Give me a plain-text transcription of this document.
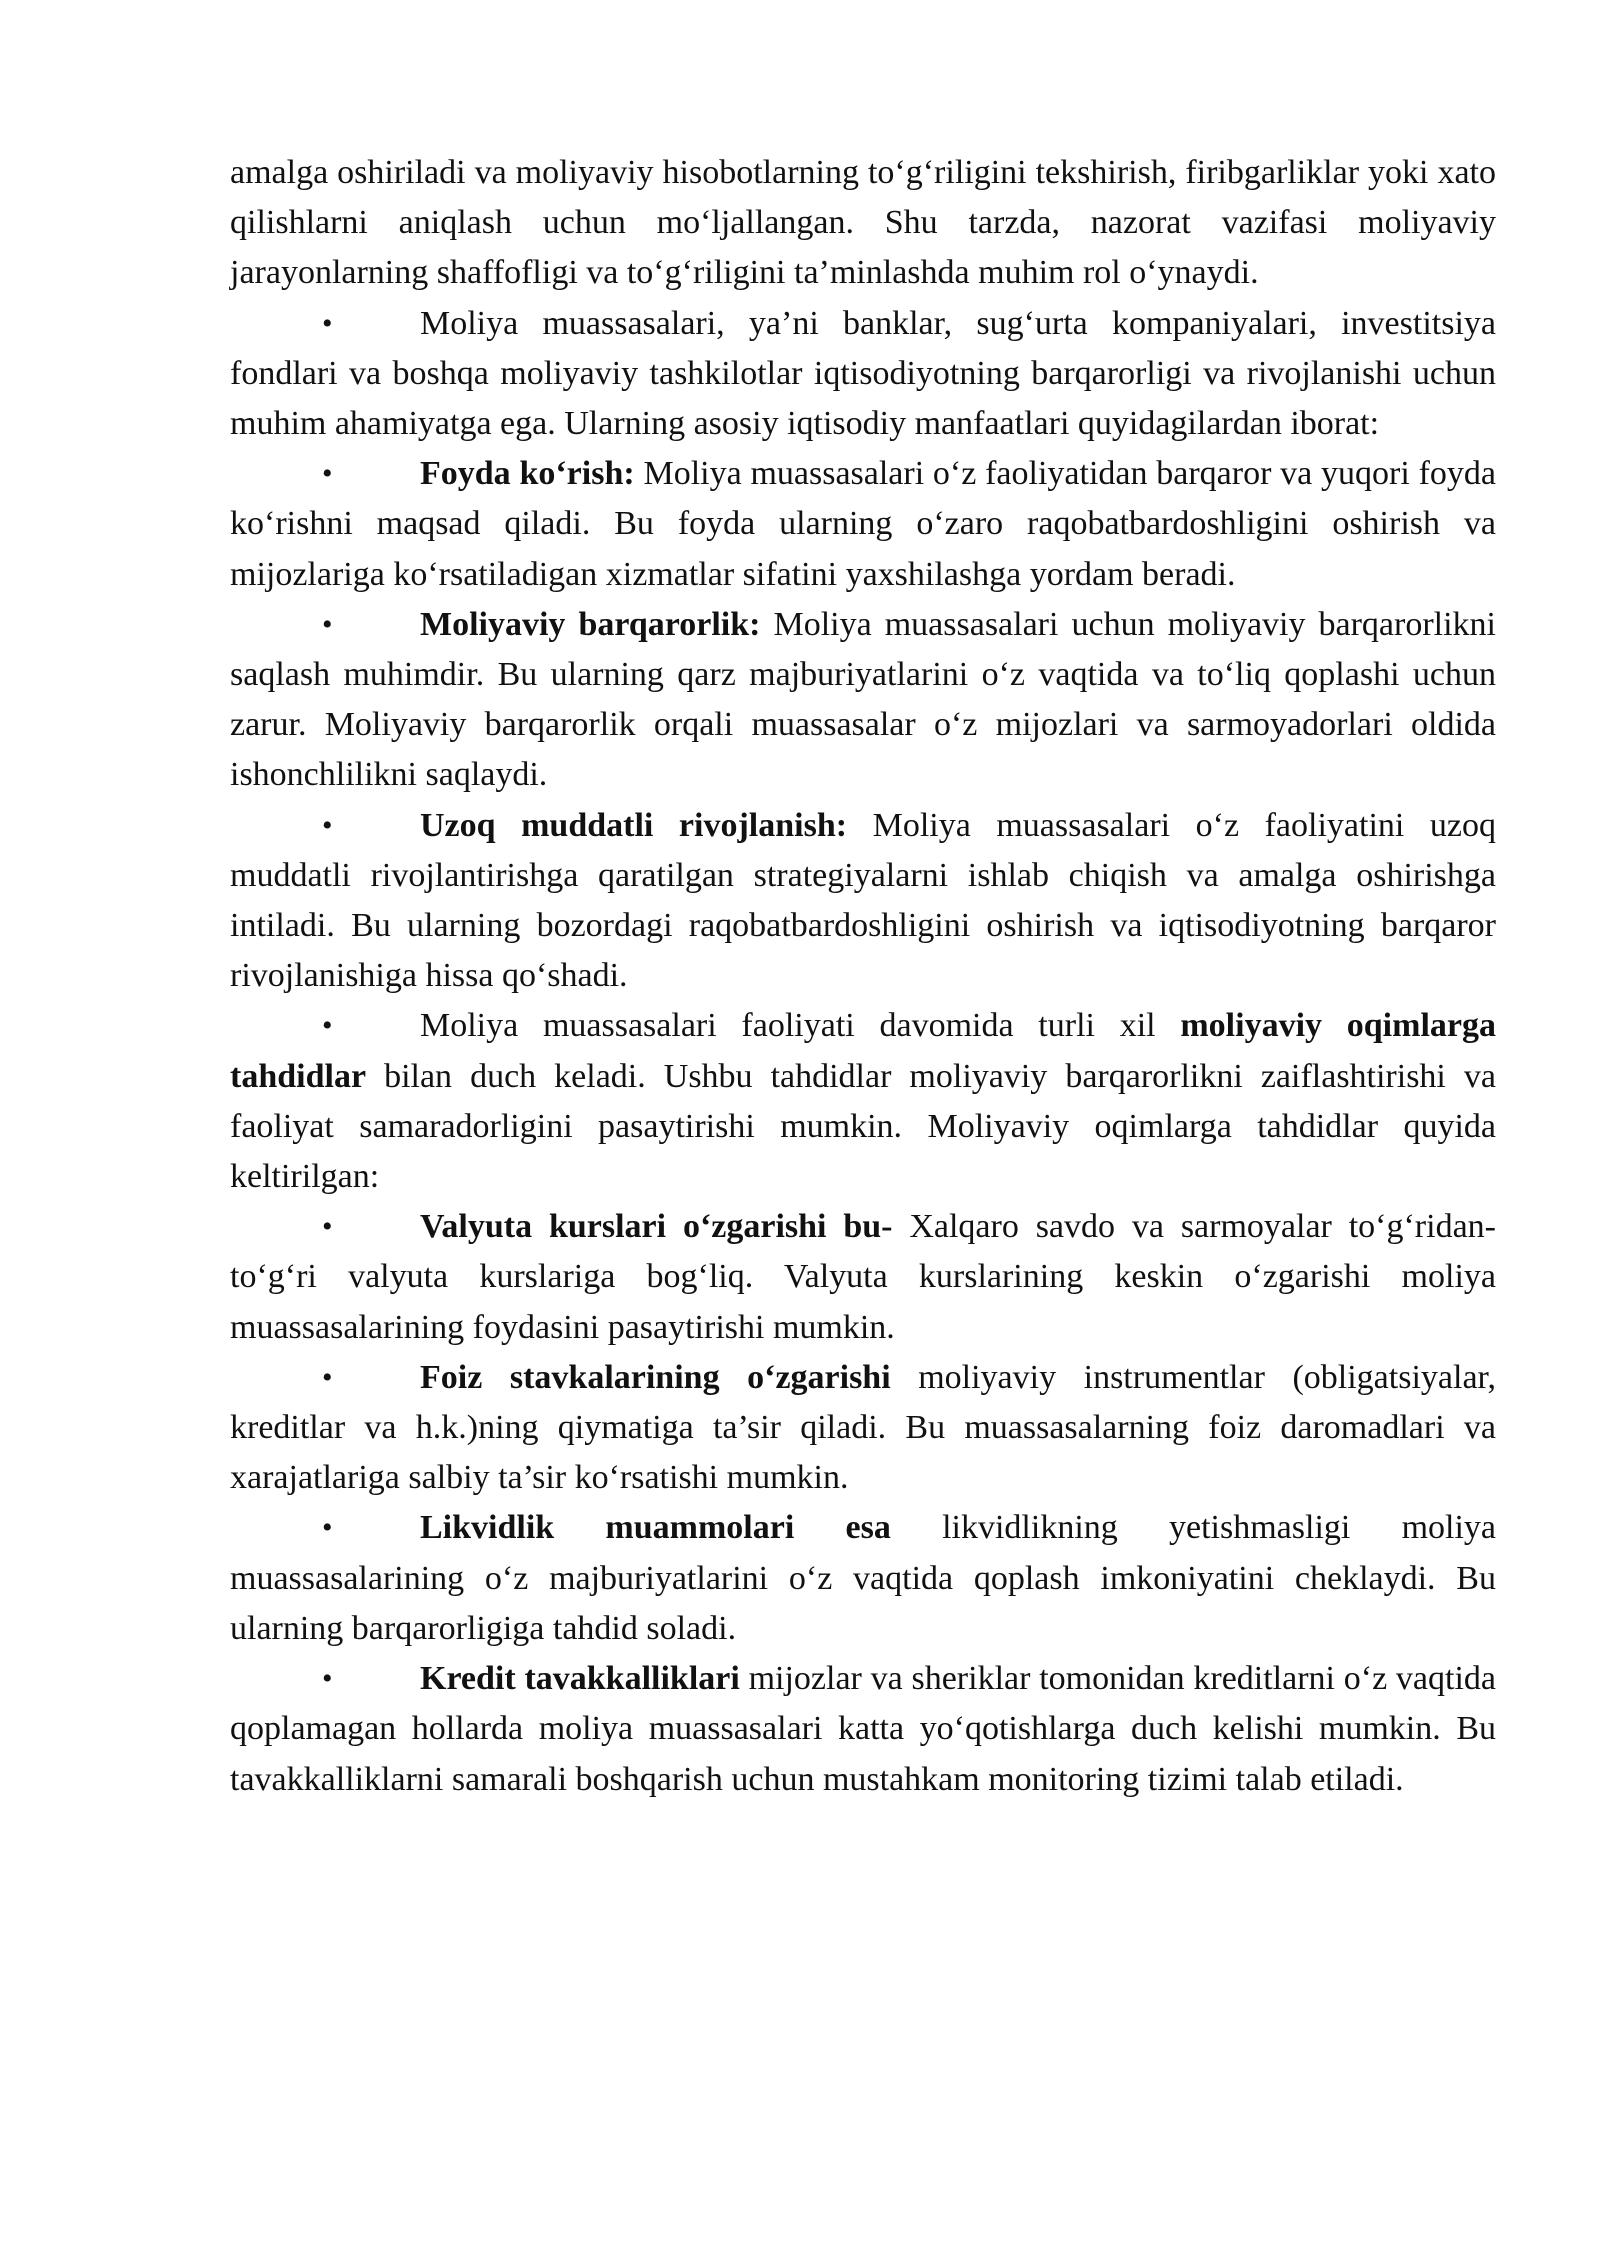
amalga oshiriladi va moliyaviy hisobotlarning to‘g‘riligini tekshirish, firibgarliklar yoki xato qilishlarni aniqlash uchun mo‘ljallangan. Shu tarzda, nazorat vazifasi moliyaviy jarayonlarning shaffofligi va to‘g‘riligini ta’minlashda muhim rol o‘ynaydi.

•	Moliya muassasalari, ya’ni banklar, sug‘urta kompaniyalari, investitsiya fondlari va boshqa moliyaviy tashkilotlar iqtisodiyotning barqarorligi va rivojlanishi uchun muhim ahamiyatga ega. Ularning asosiy iqtisodiy manfaatlari quyidagilardan iborat:

•	Foyda ko‘rish: Moliya muassasalari o‘z faoliyatidan barqaror va yuqori foyda ko‘rishni maqsad qiladi. Bu foyda ularning o‘zaro raqobatbardoshligini oshirish va mijozlariga ko‘rsatiladigan xizmatlar sifatini yaxshilashga yordam beradi.

•	Moliyaviy barqarorlik: Moliya muassasalari uchun moliyaviy barqarorlikni saqlash muhimdir. Bu ularning qarz majburiyatlarini o‘z vaqtida va to‘liq qoplashi uchun zarur. Moliyaviy barqarorlik orqali muassasalar o‘z mijozlari va sarmoyadorlari oldida ishonchlilikni saqlaydi.

•	Uzoq muddatli rivojlanish: Moliya muassasalari o‘z faoliyatini uzoq muddatli rivojlantirishga qaratilgan strategiyalarni ishlab chiqish va amalga oshirishga intiladi. Bu ularning bozordagi raqobatbardoshligini oshirish va iqtisodiyotning barqaror rivojlanishiga hissa qo‘shadi.

•	Moliya muassasalari faoliyati davomida turli xil moliyaviy oqimlarga tahdidlar bilan duch keladi. Ushbu tahdidlar moliyaviy barqarorlikni zaiflashtirishi va faoliyat samaradorligini pasaytirishi mumkin. Moliyaviy oqimlarga tahdidlar quyida keltirilgan:

•	Valyuta kurslari o‘zgarishi bu- Xalqaro savdo va sarmoyalar to‘g‘ridan-to‘g‘ri valyuta kurslariga bog‘liq. Valyuta kurslarining keskin o‘zgarishi moliya muassasalarining foydasini pasaytirishi mumkin.

•	Foiz stavkalarining o‘zgarishi moliyaviy instrumentlar (obligatsiyalar, kreditlar va h.k.)ning qiymatiga ta’sir qiladi. Bu muassasalarning foiz daromadlari va xarajatlariga salbiy ta’sir ko‘rsatishi mumkin.

•	Likvidlik muammolari esa likvidlikning yetishmasligi moliya muassasalarining o‘z majburiyatlarini o‘z vaqtida qoplash imkoniyatini cheklaydi. Bu ularning barqarorligiga tahdid soladi.

•	Kredit tavakkalliklari mijozlar va sheriklar tomonidan kreditlarni o‘z vaqtida qoplamagan hollarda moliya muassasalari katta yo‘qotishlarga duch kelishi mumkin. Bu tavakkalliklarni samarali boshqarish uchun mustahkam monitoring tizimi talab etiladi.
